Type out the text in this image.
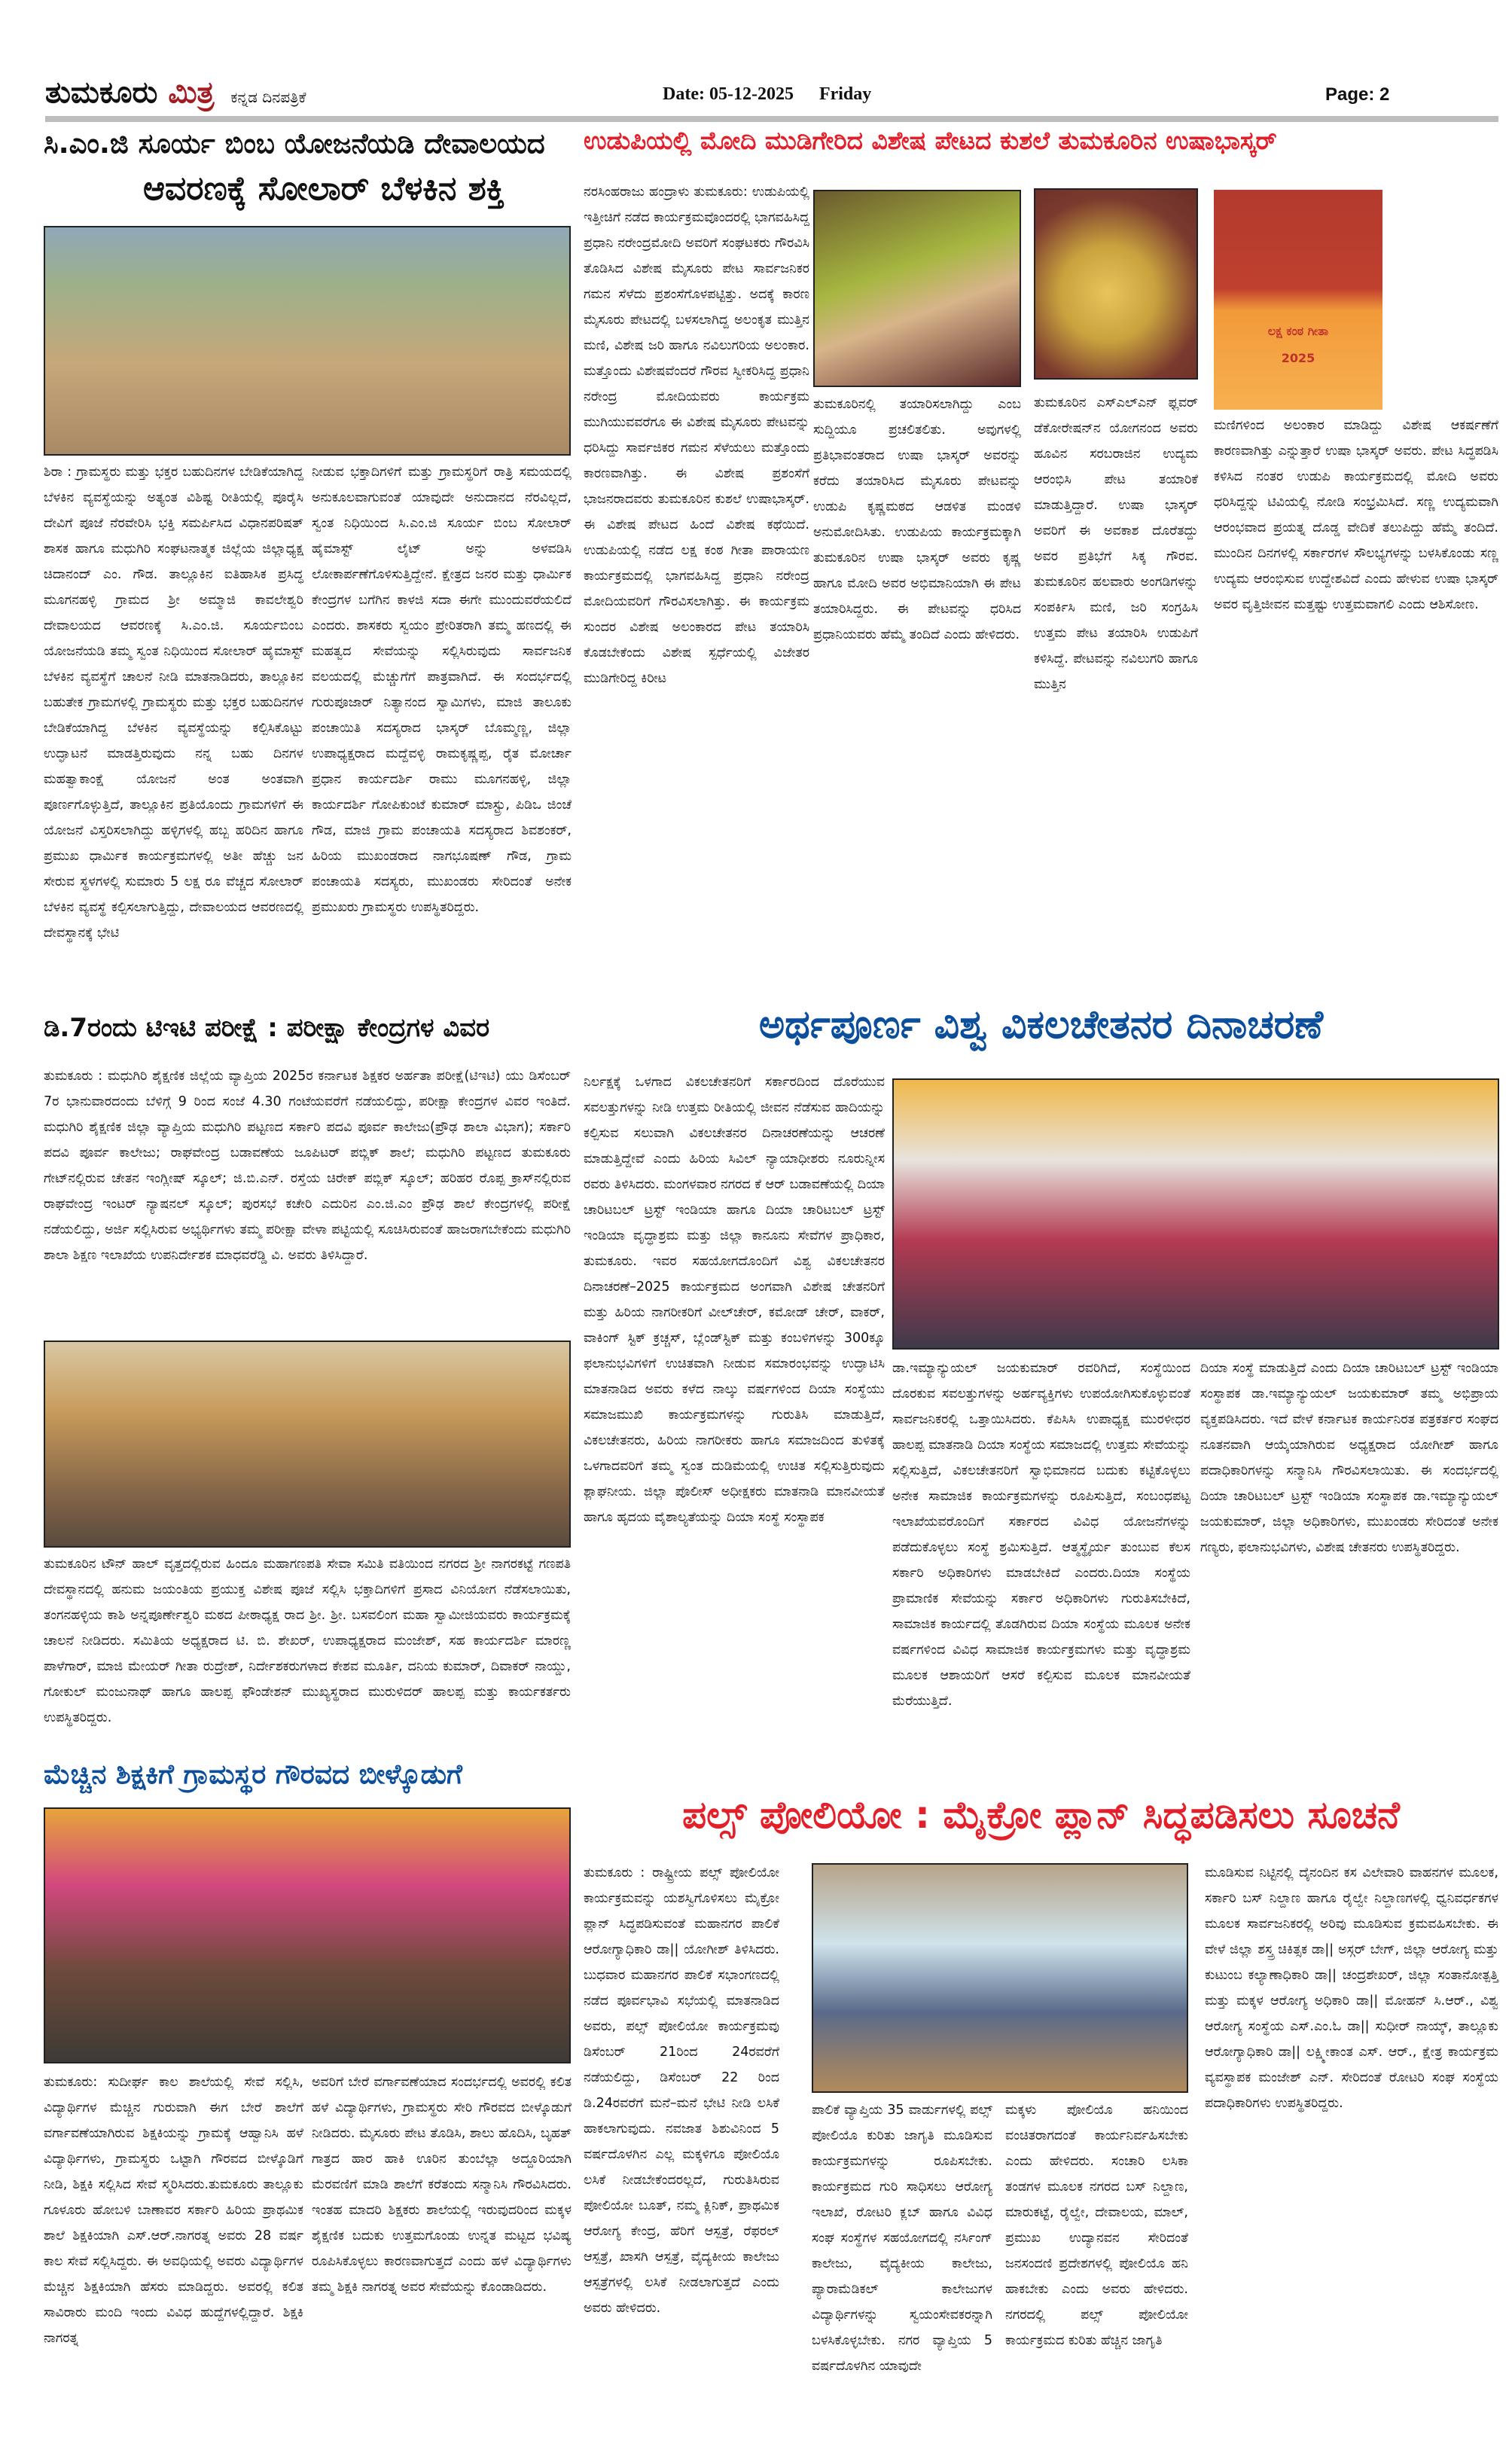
ತುಮಕೂರು ಮಿತ್ರ ಕನ್ನಡ ದಿನಪತ್ರಿಕೆ	Date: 05-12-2025 Friday	Page: 2
ಸಿ.ಎಂ.ಜಿ ಸೂರ್ಯ ಬಿಂಬ ಯೋಜನೆಯಡಿ ದೇವಾಲಯದ
ಆವರಣಕ್ಕೆ ಸೋಲಾರ್ ಬೆಳಕಿನ ಶಕ್ತಿ
ಶಿರಾ : ಗ್ರಾಮಸ್ಥರು ಮತ್ತು ಭಕ್ತರ ಬಹುದಿನಗಳ ಬೇಡಿಕೆಯಾಗಿದ್ದ ಬೆಳಕಿನ ವ್ಯವಸ್ಥೆಯನ್ನು ಅತ್ಯಂತ ವಿಶಿಷ್ಟ ರೀತಿಯಲ್ಲಿ ಪೂರೈಸಿ ದೇವಿಗೆ ಪೂಜೆ ನೆರವೇರಿಸಿ ಭಕ್ತಿ ಸಮರ್ಪಿಸಿದ ವಿಧಾನಪರಿಷತ್ ಶಾಸಕ ಹಾಗೂ ಮಧುಗಿರಿ ಸಂಘಟನಾತ್ಮಕ ಜಿಲ್ಲೆಯ ಜಿಲ್ಲಾಧ್ಯಕ್ಷ ಚಿದಾನಂದ್ ಎಂ. ಗೌಡ. ತಾಲ್ಲೂಕಿನ ಐತಿಹಾಸಿಕ ಪ್ರಸಿದ್ಧ ಮೂಗನಹಳ್ಳಿ ಗ್ರಾಮದ ಶ್ರೀ ಅಮ್ಮಾಜಿ ಕಾವಲೇಶ್ವರಿ ದೇವಾಲಯದ ಆವರಣಕ್ಕೆ ಸಿ.ಎಂ.ಜಿ. ಸೂರ್ಯಬಿಂಬ ಯೋಜನೆಯಡಿ ತಮ್ಮ ಸ್ವಂತ ನಿಧಿಯಿಂದ ಸೋಲಾರ್ ಹೈಮಾಸ್ಟ್ ಬೆಳಕಿನ ವ್ಯವಸ್ಥೆಗೆ ಚಾಲನೆ ನೀಡಿ ಮಾತನಾಡಿದರು, ತಾಲ್ಲೂಕಿನ ಬಹುತೇಕ ಗ್ರಾಮಗಳಲ್ಲಿ ಗ್ರಾಮಸ್ಥರು ಮತ್ತು ಭಕ್ತರ ಬಹುದಿನಗಳ ಬೇಡಿಕೆಯಾಗಿದ್ದ ಬೆಳಕಿನ ವ್ಯವಸ್ಥೆಯನ್ನು ಕಲ್ಪಿಸಿಕೊಟ್ಟು ಉದ್ಘಾಟನೆ ಮಾಡತ್ತಿರುವುದು ನನ್ನ ಬಹು ದಿನಗಳ ಮಹತ್ವಾಕಾಂಕ್ಷೆ ಯೋಜನೆ ಅಂತ ಅಂತವಾಗಿ ಪೂರ್ಣಗೊಳ್ಳುತ್ತಿದೆ, ತಾಲ್ಲೂಕಿನ ಪ್ರತಿಯೊಂದು ಗ್ರಾಮಗಳಿಗೆ ಈ ಯೋಜನೆ ವಿಸ್ತರಿಸಲಾಗಿದ್ದು ಹಳ್ಳಿಗಳಲ್ಲಿ ಹಬ್ಬ ಹರಿದಿನ ಹಾಗೂ ಪ್ರಮುಖ ಧಾರ್ಮಿಕ ಕಾರ್ಯಕ್ರಮಗಳಲ್ಲಿ ಅತೀ ಹೆಚ್ಚು ಜನ ಸೇರುವ ಸ್ಥಳಗಳಲ್ಲಿ ಸುಮಾರು 5 ಲಕ್ಷ ರೂ ವೆಚ್ಚದ ಸೋಲಾರ್ ಬೆಳಕಿನ ವ್ಯವಸ್ಥೆ ಕಲ್ಪಿಸಲಾಗುತ್ತಿದ್ದು, ದೇವಾಲಯದ ಆವರಣದಲ್ಲಿ ದೇವಸ್ಥಾನಕ್ಕೆ ಭೇಟಿ
ನೀಡುವ ಭಕ್ತಾದಿಗಳಿಗೆ ಮತ್ತು ಗ್ರಾಮಸ್ಥರಿಗೆ ರಾತ್ರಿ ಸಮಯದಲ್ಲಿ ಅನುಕೂಲವಾಗುವಂತೆ ಯಾವುದೇ ಅನುದಾನದ ನೆರವಿಲ್ಲದೆ, ಸ್ವಂತ ನಿಧಿಯಿಂದ ಸಿ.ಎಂ.ಜಿ ಸೂರ್ಯ ಬಿಂಬ ಸೋಲಾರ್ ಹೈಮಾಸ್ಟ್ ಲೈಟ್ ಅನ್ನು ಅಳವಡಿಸಿ ಲೋಕಾರ್ಪಣೆಗೊಳಿಸುತ್ತಿದ್ದೇನೆ. ಕ್ಷೇತ್ರದ ಜನರ ಮತ್ತು ಧಾರ್ಮಿಕ ಕೇಂದ್ರಗಳ ಬಗೆಗಿನ ಕಾಳಜಿ ಸದಾ ಈಗೇ ಮುಂದುವರೆಯಲಿದೆ ಎಂದರು. ಶಾಸಕರು ಸ್ವಯಂ ಪ್ರೇರಿತರಾಗಿ ತಮ್ಮ ಹಣದಲ್ಲಿ ಈ ಮಹತ್ವದ ಸೇವೆಯನ್ನು ಸಲ್ಲಿಸಿರುವುದು ಸಾರ್ವಜನಿಕ ವಲಯದಲ್ಲಿ ಮೆಚ್ಚುಗೆಗೆ ಪಾತ್ರವಾಗಿದೆ. ಈ ಸಂದರ್ಭದಲ್ಲಿ ಗುರುಪೂಜಾರ್ ನಿತ್ಯಾನಂದ ಸ್ವಾಮಿಗಳು, ಮಾಜಿ ತಾಲೂಕು ಪಂಚಾಯಿತಿ ಸದಸ್ಯರಾದ ಭಾಸ್ಕರ್ ಬೊಮ್ಮಣ್ಣ, ಜಿಲ್ಲಾ ಉಪಾಧ್ಯಕ್ಷರಾದ ಮದ್ದೆವಳ್ಳಿ ರಾಮಕೃಷ್ಣಪ್ಪ, ರೈತ ಮೋರ್ಚಾ ಪ್ರಧಾನ ಕಾರ್ಯದರ್ಶಿ ರಾಮು ಮೂಗನಹಳ್ಳಿ, ಜಿಲ್ಲಾ ಕಾರ್ಯದರ್ಶಿ ಗೋಪಿಕುಂಟೆ ಕುಮಾರ್ ಮಾಸ್ಟ್ರು, ಪಿಡಿಒ ಜಿಂಚೆ ಗೌಡ, ಮಾಜಿ ಗ್ರಾಮ ಪಂಚಾಯತಿ ಸದಸ್ಯರಾದ ಶಿವಶಂಕರ್, ಹಿರಿಯ ಮುಖಂಡರಾದ ನಾಗಭೂಷಣ್ ಗೌಡ, ಗ್ರಾಮ ಪಂಚಾಯತಿ ಸದಸ್ಯರು, ಮುಖಂಡರು ಸೇರಿದಂತೆ ಅನೇಕ ಪ್ರಮುಖರು ಗ್ರಾಮಸ್ಥರು ಉಪಸ್ಥಿತರಿದ್ದರು.
ಡಿ.7ರಂದು ಟಿಇಟಿ ಪರೀಕ್ಷೆ : ಪರೀಕ್ಷಾ ಕೇಂದ್ರಗಳ ವಿವರ
ತುಮಕೂರು : ಮಧುಗಿರಿ ಶೈಕ್ಷಣಿಕ ಜಿಲ್ಲೆಯ ವ್ಯಾಪ್ತಿಯ 2025ರ ಕರ್ನಾಟಕ ಶಿಕ್ಷಕರ ಅರ್ಹತಾ ಪರೀಕ್ಷೆ(ಟಿಇಟಿ) ಯು ಡಿಸೆಂಬರ್ 7ರ ಭಾನುವಾರದಂದು ಬೆಳಿಗ್ಗೆ 9 ರಿಂದ ಸಂಜೆ 4.30 ಗಂಟೆಯವರೆಗೆ ನಡೆಯಲಿದ್ದು, ಪರೀಕ್ಷಾ ಕೇಂದ್ರಗಳ ವಿವರ ಇಂತಿದೆ. ಮಧುಗಿರಿ ಶೈಕ್ಷಣಿಕ ಜಿಲ್ಲಾ ವ್ಯಾಪ್ತಿಯ ಮಧುಗಿರಿ ಪಟ್ಟಣದ ಸರ್ಕಾರಿ ಪದವಿ ಪೂರ್ವ ಕಾಲೇಜು(ಪ್ರೌಢ ಶಾಲಾ ವಿಭಾಗ); ಸರ್ಕಾರಿ ಪದವಿ ಪೂರ್ವ ಕಾಲೇಜು; ರಾಘವೇಂದ್ರ ಬಡಾವಣೆಯ ಜೂಪಿಟರ್ ಪಬ್ಲಿಕ್ ಶಾಲೆ; ಮಧುಗಿರಿ ಪಟ್ಟಣದ ತುಮಕೂರು ಗೇಟ್‌ನಲ್ಲಿರುವ ಚೇತನ ಇಂಗ್ಲೀಷ್ ಸ್ಕೂಲ್; ಜಿ.ಬಿ.ಎನ್. ರಸ್ತೆಯ ಚಿರೇಕ್ ಪಬ್ಲಿಕ್ ಸ್ಕೂಲ್; ಹರಿಹರ ರೊಪ್ಪ ಕ್ರಾಸ್‌ನಲ್ಲಿರುವ ರಾಘವೇಂದ್ರ ಇಂಟರ್ ನ್ಯಾಷನಲ್ ಸ್ಕೂಲ್; ಪುರಸಭೆ ಕಚೇರಿ ಎದುರಿನ ಎಂ.ಜಿ.ಎಂ ಪ್ರೌಢ ಶಾಲೆ ಕೇಂದ್ರಗಳಲ್ಲಿ ಪರೀಕ್ಷೆ ನಡೆಯಲಿದ್ದು, ಅರ್ಜಿ ಸಲ್ಲಿಸಿರುವ ಅಭ್ಯರ್ಥಿಗಳು ತಮ್ಮ ಪರೀಕ್ಷಾ ವೇಳಾ ಪಟ್ಟಿಯಲ್ಲಿ ಸೂಚಿಸಿರುವಂತೆ ಹಾಜರಾಗಬೇಕೆಂದು ಮಧುಗಿರಿ ಶಾಲಾ ಶಿಕ್ಷಣ ಇಲಾಖೆಯ ಉಪನಿರ್ದೇಶಕ ಮಾಧವರೆಡ್ಡಿ ವಿ. ಅವರು ತಿಳಿಸಿದ್ದಾರೆ.
ತುಮಕೂರಿನ ಟೌನ್ ಹಾಲ್ ವೃತ್ತದಲ್ಲಿರುವ ಹಿಂದೂ ಮಹಾಗಣಪತಿ ಸೇವಾ ಸಮಿತಿ ವತಿಯಿಂದ ನಗರದ ಶ್ರೀ ನಾಗರಕಟ್ಟೆ ಗಣಪತಿ ದೇವಸ್ಥಾನದಲ್ಲಿ ಹನುಮ ಜಯಂತಿಯ ಪ್ರಯುಕ್ತ ವಿಶೇಷ ಪೂಜೆ ಸಲ್ಲಿಸಿ ಭಕ್ತಾದಿಗಳಿಗೆ ಪ್ರಸಾದ ವಿನಿಯೋಗ ನೆಡೆಸಲಾಯಿತು, ತಂಗನಹಳ್ಳಿಯ ಕಾಶಿ ಅನ್ನಪೂರ್ಣೇಶ್ವರಿ ಮಠದ ಪೀಠಾಧ್ಯಕ್ಷ ರಾದ ಶ್ರೀ. ಶ್ರೀ. ಬಸವಲಿಂಗ ಮಹಾ ಸ್ವಾಮೀಜಿಯವರು ಕಾರ್ಯಕ್ರಮಕ್ಕೆ ಚಾಲನೆ ನೀಡಿದರು. ಸಮಿತಿಯ ಅಧ್ಯಕ್ಷರಾದ ಟಿ. ಬಿ. ಶೇಖರ್, ಉಪಾಧ್ಯಕ್ಷರಾದ ಮಂಜೇಶ್, ಸಹ ಕಾರ್ಯದರ್ಶಿ ಮಾರಣ್ಣ ಪಾಳೆಗಾರ್, ಮಾಜಿ ಮೇಯರ್ ಗೀತಾ ರುದ್ರೇಶ್, ನಿರ್ದೇಶಕರುಗಳಾದ ಕೇಶವ ಮೂರ್ತಿ, ದನಿಯ ಕುಮಾರ್, ದಿವಾಕರ್ ನಾಯ್ಡು, ಗೋಕುಲ್ ಮಂಜುನಾಥ್ ಹಾಗೂ ಹಾಲಪ್ಪ ಫೌಂಡೇಶನ್ ಮುಖ್ಯಸ್ಥರಾದ ಮುರುಳಿದರ್ ಹಾಲಪ್ಪ ಮತ್ತು ಕಾರ್ಯಕರ್ತರು ಉಪಸ್ಥಿತರಿದ್ದರು.
ಮೆಚ್ಚಿನ ಶಿಕ್ಷಕಿಗೆ ಗ್ರಾಮಸ್ಥರ ಗೌರವದ ಬೀಳ್ಕೊಡುಗೆ
ತುಮಕೂರು: ಸುದೀರ್ಘ ಕಾಲ ಶಾಲೆಯಲ್ಲಿ ಸೇವೆ ಸಲ್ಲಿಸಿ, ವಿದ್ಯಾರ್ಥಿಗಳ ಮೆಚ್ಚಿನ ಗುರುವಾಗಿ ಈಗ ಬೇರೆ ಶಾಲೆಗೆ ವರ್ಗಾವಣೆಯಾಗಿರುವ ಶಿಕ್ಷಕಿಯನ್ನು ಗ್ರಾಮಕ್ಕೆ ಆಹ್ವಾನಿಸಿ ಹಳೆ ವಿದ್ಯಾರ್ಥಿಗಳು, ಗ್ರಾಮಸ್ಥರು ಒಟ್ಟಾಗಿ ಗೌರವದ ಬೀಳ್ಕೊಡಿಗೆ ನೀಡಿ, ಶಿಕ್ಷಕಿ ಸಲ್ಲಿಸಿದ ಸೇವೆ ಸ್ಮರಿಸಿದರು.ತುಮಕೂರು ತಾಲ್ಲೂಕು ಗೂಳೂರು ಹೋಬಳಿ ಬಾಣಾವರ ಸರ್ಕಾರಿ ಹಿರಿಯ ಪ್ರಾಥಮಿಕ ಶಾಲೆ ಶಿಕ್ಷಕಿಯಾಗಿ ಎಸ್.ಆರ್.ನಾಗರತ್ನ ಅವರು 28 ವರ್ಷ ಕಾಲ ಸೇವೆ ಸಲ್ಲಿಸಿದ್ದರು. ಈ ಅವಧಿಯಲ್ಲಿ ಅವರು ವಿದ್ಯಾರ್ಥಿಗಳ ಮೆಚ್ಚಿನ ಶಿಕ್ಷಕಿಯಾಗಿ ಹೆಸರು ಮಾಡಿದ್ದರು. ಅವರಲ್ಲಿ ಕಲಿತ ಸಾವಿರಾರು ಮಂದಿ ಇಂದು ವಿವಿಧ ಹುದ್ದೆಗಳಲ್ಲಿದ್ದಾರೆ. ಶಿಕ್ಷಕಿ ನಾಗರತ್ನ
ಅವರಿಗೆ ಬೇರೆ ವರ್ಗಾವಣೆಯಾದ ಸಂದರ್ಭದಲ್ಲಿ ಅವರಲ್ಲಿ ಕಲಿತ ಹಳೆ ವಿದ್ಯಾರ್ಥಿಗಳು, ಗ್ರಾಮಸ್ಥರು ಸೇರಿ ಗೌರವದ ಬೀಳ್ಕೊಡುಗೆ ನೀಡಿದರು. ಮೈಸೂರು ಪೇಟ ತೊಡಿಸಿ, ಶಾಲು ಹೊದಿಸಿ, ಬೃಹತ್ ಗಾತ್ರದ ಹಾರ ಹಾಕಿ ಊರಿನ ತುಂಬೆಲ್ಲಾ ಅದ್ದೂರಿಯಾಗಿ ಮೆರವಣಿಗೆ ಮಾಡಿ ಶಾಲೆಗೆ ಕರೆತಂದು ಸನ್ಮಾನಿಸಿ ಗೌರವಿಸಿದರು. ಇಂತಹ ಮಾದರಿ ಶಿಕ್ಷಕರು ಶಾಲೆಯಲ್ಲಿ ಇರುವುದರಿಂದ ಮಕ್ಕಳ ಶೈಕ್ಷಣಿಕ ಬದುಕು ಉತ್ತಮಗೊಂಡು ಉನ್ನತ ಮಟ್ಟದ ಭವಿಷ್ಯ ರೂಪಿಸಿಕೊಳ್ಳಲು ಕಾರಣವಾಗುತ್ತದೆ ಎಂದು ಹಳೆ ವಿದ್ಯಾರ್ಥಿಗಳು ತಮ್ಮ ಶಿಕ್ಷಕಿ ನಾಗರತ್ನ ಅವರ ಸೇವೆಯನ್ನು ಕೊಂಡಾಡಿದರು.
ಉಡುಪಿಯಲ್ಲಿ ಮೋದಿ ಮುಡಿಗೇರಿದ ವಿಶೇಷ ಪೇಟದ ಕುಶಲೆ ತುಮಕೂರಿನ ಉಷಾಭಾಸ್ಕರ್
ನರಸಿಂಹರಾಜು ಹಂದ್ರಾಳು ತುಮಕೂರು: ಉಡುಪಿಯಲ್ಲಿ ಇತ್ತೀಚಿಗೆ ನಡೆದ ಕಾರ್ಯಕ್ರಮವೊಂದರಲ್ಲಿ ಭಾಗವಹಿಸಿದ್ದ ಪ್ರಧಾನಿ ನರೇಂದ್ರಮೋದಿ ಅವರಿಗೆ ಸಂಘಟಕರು ಗೌರವಿಸಿ ತೊಡಿಸಿದ ವಿಶೇಷ ಮೈಸೂರು ಪೇಟ ಸಾರ್ವಜನಿಕರ ಗಮನ ಸೆಳೆದು ಪ್ರಶಂಸೆಗೊಳಪಟ್ಟಿತ್ತು. ಅದಕ್ಕೆ ಕಾರಣ ಮೈಸೂರು ಪೇಟದಲ್ಲಿ ಬಳಸಲಾಗಿದ್ದ ಅಲಂಕೃತ ಮುತ್ತಿನ ಮಣಿ, ವಿಶೇಷ ಜರಿ ಹಾಗೂ ನವಿಲುಗರಿಯ ಅಲಂಕಾರ. ಮತ್ತೊಂದು ವಿಶೇಷವೆಂದರೆ ಗೌರವ ಸ್ವೀಕರಿಸಿದ್ದ ಪ್ರಧಾನಿ ನರೇಂದ್ರ ಮೋದಿಯವರು ಕಾರ್ಯಕ್ರಮ ಮುಗಿಯುವವರೆಗೂ ಈ ವಿಶೇಷ ಮೈಸೂರು ಪೇಟವನ್ನು ಧರಿಸಿದ್ದು ಸಾರ್ವಜಿಕರ ಗಮನ ಸೆಳೆಯಲು ಮತ್ತೊಂದು ಕಾರಣವಾಗಿತ್ತು. ಈ ವಿಶೇಷ ಪ್ರಶಂಸೆಗೆ ಭಾಜನರಾದವರು ತುಮಕೂರಿನ ಕುಶಲೆ ಉಷಾಭಾಸ್ಕರ್. ಈ ವಿಶೇಷ ಪೇಟದ ಹಿಂದೆ ವಿಶೇಷ ಕಥೆಯಿದೆ. ಉಡುಪಿಯಲ್ಲಿ ನಡೆದ ಲಕ್ಷ ಕಂಠ ಗೀತಾ ಪಾರಾಯಣ ಕಾರ್ಯಕ್ರಮದಲ್ಲಿ ಭಾಗವಹಿಸಿದ್ದ ಪ್ರಧಾನಿ ನರೇಂದ್ರ ಮೋದಿಯವರಿಗೆ ಗೌರವಿಸಲಾಗಿತ್ತು. ಈ ಕಾರ್ಯಕ್ರಮ ಸುಂದರ ವಿಶೇಷ ಅಲಂಕಾರದ ಪೇಟ ತಯಾರಿಸಿ ಕೊಡಬೇಕೆಂದು ವಿಶೇಷ ಸ್ಪರ್ಧೆಯಲ್ಲಿ ವಿಜೇತರ ಮುಡಿಗೇರಿದ್ದ ಕಿರೀಟ
ತುಮಕೂರಿನಲ್ಲಿ ತಯಾರಿಸಲಾಗಿದ್ದು ಎಂಬ ಸುದ್ದಿಯೂ ಪ್ರಚಲಿತಲಿತು. ಅವುಗಳಲ್ಲಿ ಪ್ರತಿಭಾವಂತರಾದ ಉಷಾ ಭಾಸ್ಕರ್ ಅವರನ್ನು ಕರೆದು ತಯಾರಿಸಿದ ಮೈಸೂರು ಪೇಟವನ್ನು ಉಡುಪಿ ಕೃಷ್ಣಮಠದ ಆಡಳಿತ ಮಂಡಳಿ ಅನುಮೋದಿಸಿತು. ಉಡುಪಿಯ ಕಾರ್ಯಕ್ರಮಕ್ಕಾಗಿ ತುಮಕೂರಿನ ಉಷಾ ಭಾಸ್ಕರ್ ಅವರು ಕೃಷ್ಣ ಹಾಗೂ ಮೋದಿ ಅವರ ಅಭಿಮಾನಿಯಾಗಿ ಈ ಪೇಟ ತಯಾರಿಸಿದ್ದರು. ಈ ಪೇಟವನ್ನು ಧರಿಸಿದ ಪ್ರಧಾನಿಯವರು ಹೆಮ್ಮೆ ತಂದಿದೆ ಎಂದು ಹೇಳಿದರು.
ತುಮಕೂರಿನ ಎಸ್‌ಎಲ್‌ಎನ್ ಫ್ಲವರ್ ಡೆಕೋರೇಷನ್‌ನ ಯೋಗನಂದ ಅವರು ಹೂವಿನ ಸರಬರಾಜಿನ ಉದ್ಯಮ ಆರಂಭಿಸಿ ಪೇಟ ತಯಾರಿಕೆ ಮಾಡುತ್ತಿದ್ದಾರೆ. ಉಷಾ ಭಾಸ್ಕರ್ ಅವರಿಗೆ ಈ ಅವಕಾಶ ದೊರೆತದ್ದು ಅವರ ಪ್ರತಿಭೆಗೆ ಸಿಕ್ಕ ಗೌರವ. ತುಮಕೂರಿನ ಹಲವಾರು ಅಂಗಡಿಗಳನ್ನು ಸಂಪರ್ಕಿಸಿ ಮಣಿ, ಜರಿ ಸಂಗ್ರಹಿಸಿ ಉತ್ತಮ ಪೇಟ ತಯಾರಿಸಿ ಉಡುಪಿಗೆ ಕಳಿಸಿದ್ದೆ. ಪೇಟವನ್ನು ನವಿಲುಗರಿ ಹಾಗೂ ಮುತ್ತಿನ
ಲಕ್ಷ ಕಂಠ ಗೀತಾ
2025
ಮಣಿಗಳಿಂದ ಅಲಂಕಾರ ಮಾಡಿದ್ದು ವಿಶೇಷ ಆಕರ್ಷಣೆಗೆ ಕಾರಣವಾಗಿತ್ತು ಎನ್ನುತ್ತಾರೆ ಉಷಾ ಭಾಸ್ಕರ್ ಅವರು. ಪೇಟ ಸಿದ್ಧಪಡಿಸಿ ಕಳಿಸಿದ ನಂತರ ಉಡುಪಿ ಕಾರ್ಯಕ್ರಮದಲ್ಲಿ ಮೋದಿ ಅವರು ಧರಿಸಿದ್ದನ್ನು ಟಿವಿಯಲ್ಲಿ ನೋಡಿ ಸಂಭ್ರಮಿಸಿದೆ. ಸಣ್ಣ ಉದ್ಯಮವಾಗಿ ಆರಂಭವಾದ ಪ್ರಯತ್ನ ದೊಡ್ಡ ವೇದಿಕೆ ತಲುಪಿದ್ದು ಹೆಮ್ಮೆ ತಂದಿದೆ. ಮುಂದಿನ ದಿನಗಳಲ್ಲಿ ಸರ್ಕಾರಗಳ ಸೌಲಭ್ಯಗಳನ್ನು ಬಳಸಿಕೊಂಡು ಸಣ್ಣ ಉದ್ಯಮ ಆರಂಭಿಸುವ ಉದ್ದೇಶವಿದೆ ಎಂದು ಹೇಳುವ ಉಷಾ ಭಾಸ್ಕರ್ ಅವರ ವೃತ್ತಿಜೀವನ ಮತ್ತಷ್ಟು ಉತ್ತಮವಾಗಲಿ ಎಂದು ಆಶಿಸೋಣ.
ಅರ್ಥಪೂರ್ಣ ವಿಶ್ವ ವಿಕಲಚೇತನರ ದಿನಾಚರಣೆ
ನಿರ್ಲಕ್ಷಕ್ಕೆ ಒಳಗಾದ ವಿಕಲಚೇತನರಿಗೆ ಸರ್ಕಾರದಿಂದ ದೊರೆಯುವ ಸವಲತ್ತುಗಳನ್ನು ನೀಡಿ ಉತ್ತಮ ರೀತಿಯಲ್ಲಿ ಜೀವನ ನೆಡೆಸುವ ಹಾದಿಯನ್ನು ಕಲ್ಪಿಸುವ ಸಲುವಾಗಿ ವಿಕಲಚೇತನರ ದಿನಾಚರಣೆಯನ್ನು ಆಚರಣೆ ಮಾಡುತ್ತಿದ್ದೇವೆ ಎಂದು ಹಿರಿಯ ಸಿವಿಲ್ ನ್ಯಾಯಾಧೀಶರು ನೂರುನ್ನೀಸ ರವರು ತಿಳಿಸಿದರು. ಮಂಗಳವಾರ ನಗರದ ಕೆ ಆರ್ ಬಡಾವಣೆಯಲ್ಲಿ ದಿಯಾ ಚಾರಿಟಬಲ್ ಟ್ರಸ್ಟ್ ಇಂಡಿಯಾ ಹಾಗೂ ದಿಯಾ ಚಾರಿಟಬಲ್ ಟ್ರಸ್ಟ್ ಇಂಡಿಯಾ ವೃದ್ಧಾಶ್ರಮ ಮತ್ತು ಜಿಲ್ಲಾ ಕಾನೂನು ಸೇವೆಗಳ ಪ್ರಾಧಿಕಾರ, ತುಮಕೂರು. ಇವರ ಸಹಯೋಗದೊಂದಿಗೆ ವಿಶ್ವ ವಿಕಲಚೇತನರ ದಿನಾಚರಣೆ–2025 ಕಾರ್ಯಕ್ರಮದ ಅಂಗವಾಗಿ ವಿಶೇಷ ಚೇತನರಿಗೆ ಮತ್ತು ಹಿರಿಯ ನಾಗರೀಕರಿಗೆ ವೀಲ್‌ಚೇರ್, ಕಮೋಡ್ ಚೇರ್, ವಾಕರ್, ವಾಕಿಂಗ್ ಸ್ಟಿಕ್ ಕ್ರಚ್ಚಸ್, ಬ್ಲೆಂಡ್‌ಸ್ಟಿಕ್ ಮತ್ತು ಕಂಬಳಿಗಳನ್ನು 300ಕ್ಕೂ ಫಲಾನುಭವಿಗಳಿಗೆ ಉಚಿತವಾಗಿ ನೀಡುವ ಸಮಾರಂಭವನ್ನು ಉದ್ಘಾಟಿಸಿ ಮಾತನಾಡಿದ ಅವರು ಕಳೆದ ನಾಲ್ಕು ವರ್ಷಗಳಿಂದ ದಿಯಾ ಸಂಸ್ಥೆಯು ಸಮಾಜಮುಖಿ ಕಾರ್ಯಕ್ರಮಗಳನ್ನು ಗುರುತಿಸಿ ಮಾಡುತ್ತಿದೆ, ವಿಕಲಚೇತನರು, ಹಿರಿಯ ನಾಗರೀಕರು ಹಾಗೂ ಸಮಾಜದಿಂದ ತುಳಿತಕ್ಕೆ ಒಳಗಾದವರಿಗೆ ತಮ್ಮ ಸ್ವಂತ ದುಡಿಮೆಯಲ್ಲಿ ಉಚಿತ ಸಲ್ಲಿಸುತ್ತಿರುವುದು ಶ್ಲಾಘನೀಯ. ಜಿಲ್ಲಾ ಪೊಲೀಸ್ ಅಧೀಕ್ಷಕರು ಮಾತನಾಡಿ ಮಾನವೀಯತೆ ಹಾಗೂ ಹೃದಯ ವೈಶಾಲ್ಯತೆಯನ್ನು ದಿಯಾ ಸಂಸ್ಥೆ ಸಂಸ್ಥಾಪಕ
ಡಾ.ಇಮ್ಯಾನ್ಯುಯಲ್ ಜಯಕುಮಾರ್ ರವರಿಗಿದೆ, ಸಂಸ್ಥೆಯಿಂದ ದೊರಕುವ ಸವಲತ್ತುಗಳನ್ನು ಅರ್ಹವ್ಯಕ್ತಿಗಳು ಉಪಯೋಗಿಸುಕೊಳ್ಳುವಂತೆ ಸಾರ್ವಜನಿಕರಲ್ಲಿ ಒತ್ತಾಯಿಸಿದರು. ಕೆಪಿಸಿಸಿ ಉಪಾಧ್ಯಕ್ಷ ಮುರಳೀಧರ ಹಾಲಪ್ಪ ಮಾತನಾಡಿ ದಿಯಾ ಸಂಸ್ಥೆಯ ಸಮಾಜದಲ್ಲಿ ಉತ್ತಮ ಸೇವೆಯನ್ನು ಸಲ್ಲಿಸುತ್ತಿದೆ, ವಿಕಲಚೇತನರಿಗೆ ಸ್ವಾಭಿಮಾನದ ಬದುಕು ಕಟ್ಟಿಕೊಳ್ಳಲು ಅನೇಕ ಸಾಮಾಜಿಕ ಕಾರ್ಯಕ್ರಮಗಳನ್ನು ರೂಪಿಸುತ್ತಿದೆ, ಸಂಬಂಧಪಟ್ಟ ಇಲಾಖೆಯವರೊಂದಿಗೆ ಸರ್ಕಾರದ ವಿವಿಧ ಯೋಜನೆಗಳನ್ನು ಪಡೆದುಕೊಳ್ಳಲು ಸಂಸ್ಥೆ ಶ್ರಮಿಸುತ್ತಿದೆ. ಆತ್ಮಸ್ಥೈರ್ಯ ತುಂಬುವ ಕೆಲಸ ಸರ್ಕಾರಿ ಅಧಿಕಾರಿಗಳು ಮಾಡಬೇಕಿದೆ ಎಂದರು.ದಿಯಾ ಸಂಸ್ಥೆಯ ಪ್ರಾಮಾಣಿಕ ಸೇವೆಯನ್ನು ಸರ್ಕಾರ ಅಧಿಕಾರಿಗಳು ಗುರುತಿಸಬೇಕಿದೆ, ಸಾಮಾಜಿಕ ಕಾರ್ಯದಲ್ಲಿ ತೊಡಗಿರುವ ದಿಯಾ ಸಂಸ್ಥೆಯ ಮೂಲಕ ಅನೇಕ ವರ್ಷಗಳಿಂದ ವಿವಿಧ ಸಾಮಾಜಿಕ ಕಾರ್ಯಕ್ರಮಗಳು ಮತ್ತು ವೃದ್ಧಾಶ್ರಮ ಮೂಲಕ ಆಶಾಯರಿಗೆ ಆಸರೆ ಕಲ್ಪಿಸುವ ಮೂಲಕ ಮಾನವೀಯತೆ ಮೆರೆಯುತ್ತಿದೆ.
ದಿಯಾ ಸಂಸ್ಥೆ ಮಾಡುತ್ತಿದೆ ಎಂದು ದಿಯಾ ಚಾರಿಟಬಲ್ ಟ್ರಸ್ಟ್ ಇಂಡಿಯಾ ಸಂಸ್ಥಾಪಕ ಡಾ.ಇಮ್ಯಾನ್ಯುಯಲ್ ಜಯಕುಮಾರ್ ತಮ್ಮ ಅಭಿಪ್ರಾಯ ವ್ಯಕ್ತಪಡಿಸಿದರು. ಇದೆ ವೇಳೆ ಕರ್ನಾಟಕ ಕಾರ್ಯನಿರತ ಪತ್ರಕರ್ತರ ಸಂಘದ ನೂತನವಾಗಿ ಆಯ್ಕೆಯಾಗಿರುವ ಅಧ್ಯಕ್ಷರಾದ ಯೋಗೀಶ್ ಹಾಗೂ ಪದಾಧಿಕಾರಿಗಳನ್ನು ಸನ್ಮಾನಿಸಿ ಗೌರವಿಸಲಾಯಿತು. ಈ ಸಂದರ್ಭದಲ್ಲಿ ದಿಯಾ ಚಾರಿಟಬಲ್ ಟ್ರಸ್ಟ್ ಇಂಡಿಯಾ ಸಂಸ್ಥಾಪಕ ಡಾ.ಇಮ್ಯಾನ್ಯುಯಲ್ ಜಯಕುಮಾರ್, ಜಿಲ್ಲಾ ಅಧಿಕಾರಿಗಳು, ಮುಖಂಡರು ಸೇರಿದಂತೆ ಅನೇಕ ಗಣ್ಯರು, ಫಲಾನುಭವಿಗಳು, ವಿಶೇಷ ಚೇತನರು ಉಪಸ್ಥಿತರಿದ್ದರು.
ಪಲ್ಸ್ ಪೋಲಿಯೋ : ಮೈಕ್ರೋ ಪ್ಲಾನ್ ಸಿದ್ಧಪಡಿಸಲು ಸೂಚನೆ
ತುಮಕೂರು : ರಾಷ್ಟ್ರೀಯ ಪಲ್ಸ್ ಪೋಲಿಯೋ ಕಾರ್ಯಕ್ರಮವನ್ನು ಯಶಸ್ವಿಗೊಳಿಸಲು ಮೈಕ್ರೋ ಪ್ಲಾನ್ ಸಿದ್ಧಪಡಿಸುವಂತೆ ಮಹಾನಗರ ಪಾಲಿಕೆ ಆರೋಗ್ಯಾಧಿಕಾರಿ ಡಾ|| ಯೋಗೀಶ್ ತಿಳಿಸಿದರು. ಬುಧವಾರ ಮಹಾನಗರ ಪಾಲಿಕೆ ಸಭಾಂಗಣದಲ್ಲಿ ನಡೆದ ಪೂರ್ವಭಾವಿ ಸಭೆಯಲ್ಲಿ ಮಾತನಾಡಿದ ಅವರು, ಪಲ್ಸ್ ಪೋಲಿಯೋ ಕಾರ್ಯಕ್ರಮವು ಡಿಸೆಂಬರ್ 21ರಿಂದ 24ರವರೆಗೆ ನಡೆಯಲಿದ್ದು, ಡಿಸೆಂಬರ್ 22 ರಿಂದ ಡಿ.24ರವರೆಗೆ ಮನೆ–ಮನೆ ಭೇಟಿ ನೀಡಿ ಲಸಿಕೆ ಹಾಕಲಾಗುವುದು. ನವಜಾತ ಶಿಶುವಿನಿಂದ 5 ವರ್ಷದೊಳಗಿನ ಎಲ್ಲ ಮಕ್ಕಳಿಗೂ ಪೋಲಿಯೊ ಲಸಿಕೆ ನೀಡಬೇಕೆಂದರಲ್ಲದೆ, ಗುರುತಿಸಿರುವ ಪೋಲಿಯೋ ಬೂತ್, ನಮ್ಮ ಕ್ಲಿನಿಕ್, ಪ್ರಾಥಮಿಕ ಆರೋಗ್ಯ ಕೇಂದ್ರ, ಹೆರಿಗೆ ಆಸ್ಪತ್ರೆ, ರೆಫರಲ್ ಆಸ್ಪತ್ರೆ, ಖಾಸಗಿ ಆಸ್ಪತ್ರೆ, ವೈದ್ಯಕೀಯ ಕಾಲೇಜು ಆಸ್ಪತ್ರೆಗಳಲ್ಲಿ ಲಸಿಕೆ ನೀಡಲಾಗುತ್ತದೆ ಎಂದು ಅವರು ಹೇಳಿದರು.
ಪಾಲಿಕೆ ವ್ಯಾಪ್ತಿಯ 35 ವಾರ್ಡುಗಳಲ್ಲಿ ಪಲ್ಸ್ ಪೋಲಿಯೊ ಕುರಿತು ಜಾಗೃತಿ ಮೂಡಿಸುವ ಕಾರ್ಯಕ್ರಮಗಳನ್ನು ರೂಪಿಸಬೇಕು. ಕಾರ್ಯಕ್ರಮದ ಗುರಿ ಸಾಧಿಸಲು ಆರೋಗ್ಯ ಇಲಾಖೆ, ರೋಟರಿ ಕ್ಲಬ್ ಹಾಗೂ ವಿವಿಧ ಸಂಘ ಸಂಸ್ಥೆಗಳ ಸಹಯೋಗದಲ್ಲಿ ನರ್ಸಿಂಗ್ ಕಾಲೇಜು, ವೈದ್ಯಕೀಯ ಕಾಲೇಜು, ಪ್ಯಾರಾಮೆಡಿಕಲ್ ಕಾಲೇಜುಗಳ ವಿದ್ಯಾರ್ಥಿಗಳನ್ನು ಸ್ವಯಂಸೇವಕರನ್ನಾಗಿ ಬಳಸಿಕೊಳ್ಳಬೇಕು. ನಗರ ವ್ಯಾಪ್ತಿಯ 5 ವರ್ಷದೊಳಗಿನ ಯಾವುದೇ
ಮಕ್ಕಳು ಪೋಲಿಯೊ ಹನಿಯಿಂದ ವಂಚಿತರಾಗದಂತೆ ಕಾರ್ಯನಿರ್ವಹಿಸಬೇಕು ಎಂದು ಹೇಳಿದರು. ಸಂಚಾರಿ ಲಸಿಕಾ ತಂಡಗಳ ಮೂಲಕ ನಗರದ ಬಸ್ ನಿಲ್ದಾಣ, ಮಾರುಕಟ್ಟೆ, ರೈಲ್ವೇ, ದೇವಾಲಯ, ಮಾಲ್, ಪ್ರಮುಖ ಉದ್ಯಾನವನ ಸೇರಿದಂತೆ ಜನಸಂದಣಿ ಪ್ರದೇಶಗಳಲ್ಲಿ ಪೋಲಿಯೊ ಹನಿ ಹಾಕಬೇಕು ಎಂದು ಅವರು ಹೇಳಿದರು. ನಗರದಲ್ಲಿ ಪಲ್ಸ್ ಪೋಲಿಯೋ ಕಾರ್ಯಕ್ರಮದ ಕುರಿತು ಹೆಚ್ಚಿನ ಜಾಗೃತಿ
ಮೂಡಿಸುವ ನಿಟ್ಟಿನಲ್ಲಿ ದೈನಂದಿನ ಕಸ ವಿಲೇವಾರಿ ವಾಹನಗಳ ಮೂಲಕ, ಸರ್ಕಾರಿ ಬಸ್ ನಿಲ್ದಾಣ ಹಾಗೂ ರೈಲ್ವೇ ನಿಲ್ದಾಣಗಳಲ್ಲಿ ಧ್ವನಿವರ್ಧಕಗಳ ಮೂಲಕ ಸಾರ್ವಜನಿಕರಲ್ಲಿ ಅರಿವು ಮೂಡಿಸುವ ಕ್ರಮವಹಿಸಬೇಕು. ಈ ವೇಳೆ ಜಿಲ್ಲಾ ಶಸ್ತ್ರ ಚಿಕಿತ್ಸಕ ಡಾ|| ಅಸ್ಗರ್ ಬೇಗ್, ಜಿಲ್ಲಾ ಆರೋಗ್ಯ ಮತ್ತು ಕುಟುಂಬ ಕಲ್ಯಾಣಾಧಿಕಾರಿ ಡಾ|| ಚಂದ್ರಶೇಖರ್, ಜಿಲ್ಲಾ ಸಂತಾನೋತ್ಪತ್ತಿ ಮತ್ತು ಮಕ್ಕಳ ಆರೋಗ್ಯ ಅಧಿಕಾರಿ ಡಾ|| ಮೋಹನ್ ಸಿ.ಆರ್., ವಿಶ್ವ ಆರೋಗ್ಯ ಸಂಸ್ಥೆಯ ಎಸ್.ಎಂ.ಓ ಡಾ|| ಸುಧೀರ್ ನಾಯ್ಕ್, ತಾಲ್ಲೂಕು ಆರೋಗ್ಯಾಧಿಕಾರಿ ಡಾ|| ಲಕ್ಷ್ಮೀಕಾಂತ ಎಸ್. ಆರ್., ಕ್ಷೇತ್ರ ಕಾರ್ಯಕ್ರಮ ವ್ಯವಸ್ಥಾಪಕ ಮಂಜೇಶ್ ಎನ್. ಸೇರಿದಂತೆ ರೋಟರಿ ಸಂಘ ಸಂಸ್ಥೆಯ ಪದಾಧಿಕಾರಿಗಳು ಉಪಸ್ಥಿತರಿದ್ದರು.
